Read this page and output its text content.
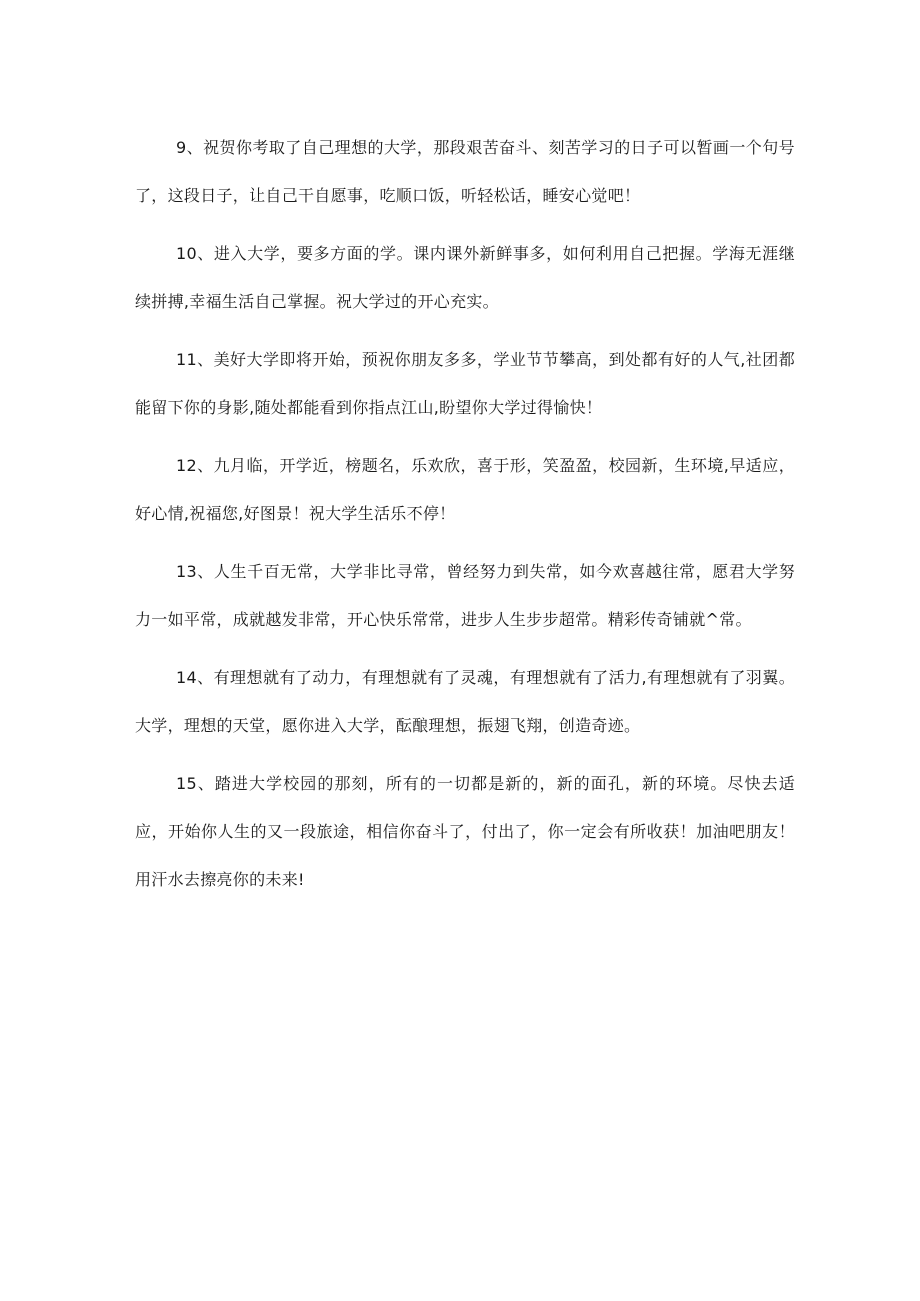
9、祝贺你考取了自己理想的大学，那段艰苦奋斗、刻苦学习的日子可以暂画一个句号了，这段日子，让自己干自愿事，吃顺口饭，听轻松话，睡安心觉吧！

10、进入大学，要多方面的学。课内课外新鲜事多，如何利用自己把握。学海无涯继续拼搏,幸福生活自己掌握。祝大学过的开心充实。

11、美好大学即将开始，预祝你朋友多多，学业节节攀高，到处都有好的人气,社团都能留下你的身影,随处都能看到你指点江山,盼望你大学过得愉快！

12、九月临，开学近，榜题名，乐欢欣，喜于形，笑盈盈，校园新，生环境,早适应，好心情,祝福您,好图景！祝大学生活乐不停！

13、人生千百无常，大学非比寻常，曾经努力到失常，如今欢喜越往常，愿君大学努力一如平常，成就越发非常，开心快乐常常，进步人生步步超常。精彩传奇铺就^常。

14、有理想就有了动力，有理想就有了灵魂，有理想就有了活力,有理想就有了羽翼。大学，理想的天堂，愿你进入大学，酝酿理想，振翅飞翔，创造奇迹。

15、踏进大学校园的那刻，所有的一切都是新的，新的面孔，新的环境。尽快去适应，开始你人生的又一段旅途，相信你奋斗了，付出了，你一定会有所收获！加油吧朋友！用汗水去擦亮你的未来!
